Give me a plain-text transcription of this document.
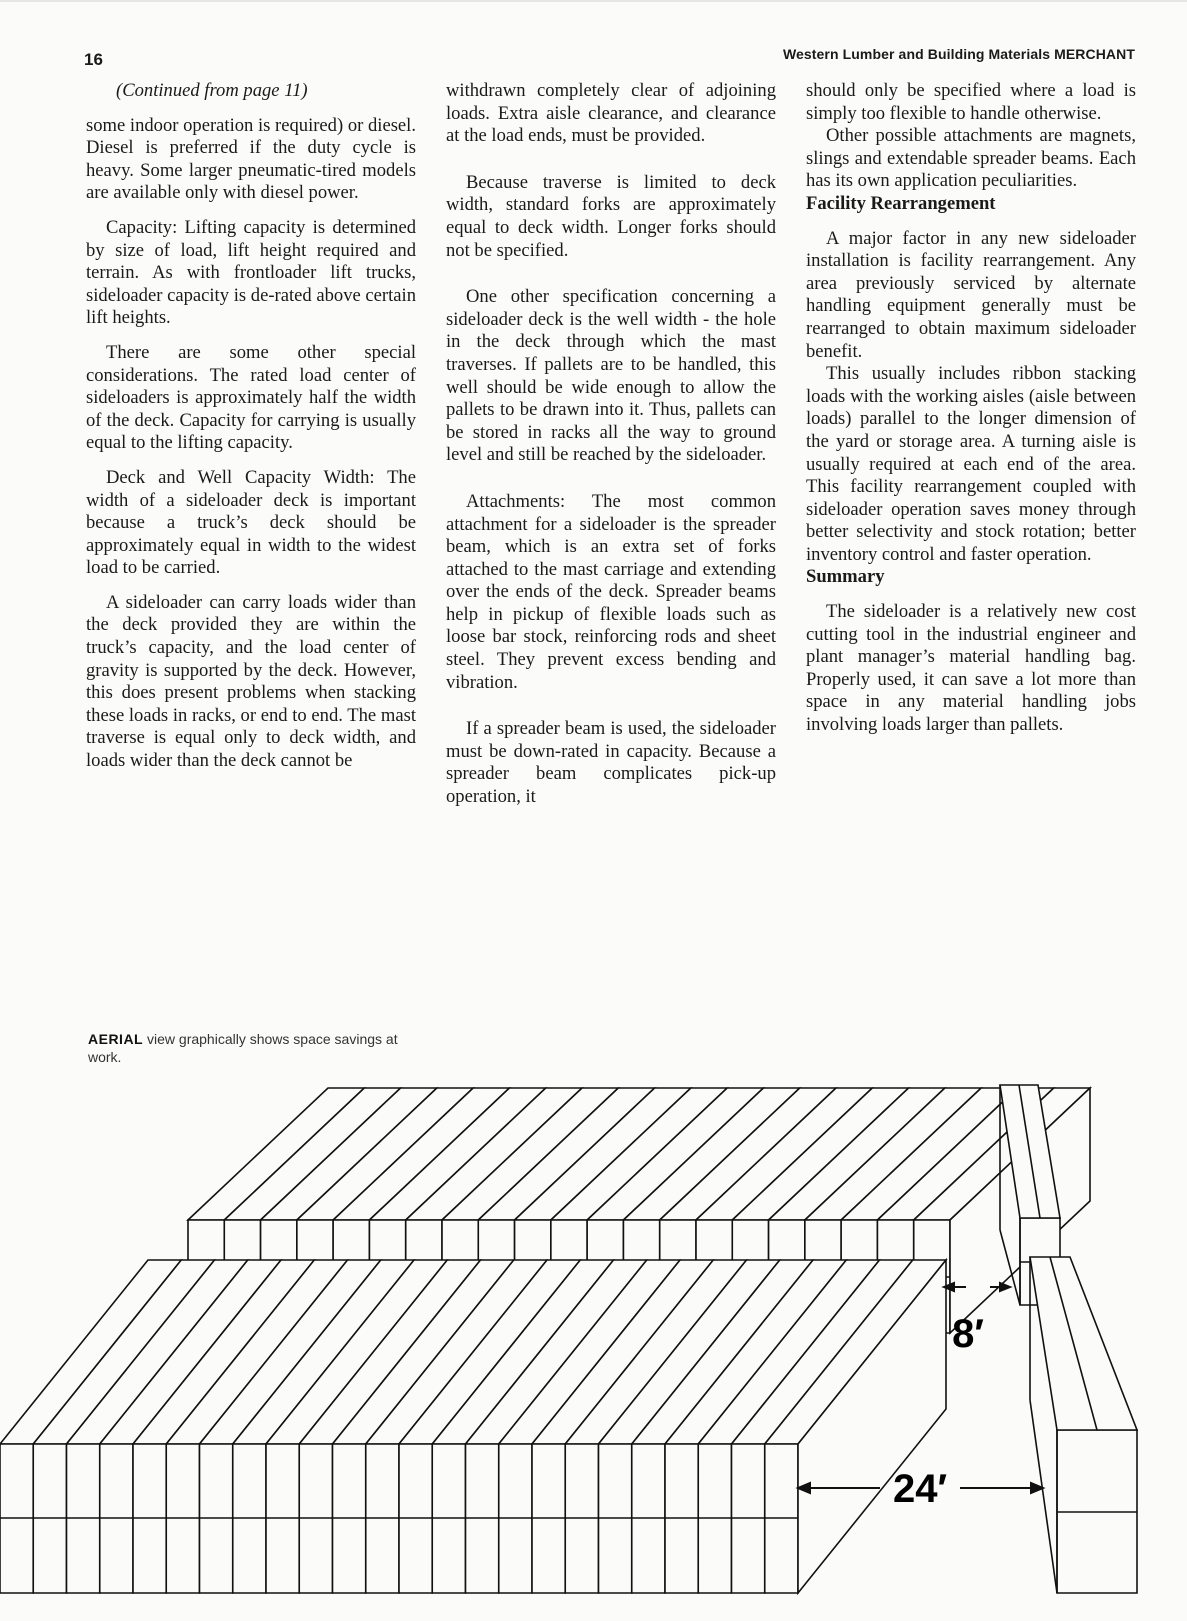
16	Western Lumber and Building Materials MERCHANT

(Continued from page 11)

some indoor operation is required) or diesel. Diesel is preferred if the duty cycle is heavy. Some larger pneumatic-tired models are available only with diesel power.

Capacity: Lifting capacity is determined by size of load, lift height required and terrain. As with frontloader lift trucks, sideloader capacity is de-rated above certain lift heights.

There are some other special considerations. The rated load center of sideloaders is approximately half the width of the deck. Capacity for carrying is usually equal to the lifting capacity.

Deck and Well Capacity Width: The width of a sideloader deck is important because a truck’s deck should be approximately equal in width to the widest load to be carried.

A sideloader can carry loads wider than the deck provided they are within the truck’s capacity, and the load center of gravity is supported by the deck. However, this does present problems when stacking these loads in racks, or end to end. The mast traverse is equal only to deck width, and loads wider than the deck cannot be

withdrawn completely clear of adjoining loads. Extra aisle clearance, and clearance at the load ends, must be provided.

Because traverse is limited to deck width, standard forks are approximately equal to deck width. Longer forks should not be specified.

One other specification concerning a sideloader deck is the well width - the hole in the deck through which the mast traverses. If pallets are to be handled, this well should be wide enough to allow the pallets to be drawn into it. Thus, pallets can be stored in racks all the way to ground level and still be reached by the sideloader.

Attachments: The most common attachment for a sideloader is the spreader beam, which is an extra set of forks attached to the mast carriage and extending over the ends of the deck. Spreader beams help in pickup of flexible loads such as loose bar stock, reinforcing rods and sheet steel. They prevent excess bending and vibration.

If a spreader beam is used, the sideloader must be down-rated in capacity. Because a spreader beam complicates pick-up operation, it

should only be specified where a load is simply too flexible to handle otherwise.

Other possible attachments are magnets, slings and extendable spreader beams. Each has its own application peculiarities.

Facility Rearrangement

A major factor in any new sideloader installation is facility rearrangement. Any area previously serviced by alternate handling equipment generally must be rearranged to obtain maximum sideloader benefit.

This usually includes ribbon stacking loads with the working aisles (aisle between loads) parallel to the longer dimension of the yard or storage area. A turning aisle is usually required at each end of the area. This facility rearrangement coupled with sideloader operation saves money through better selectivity and stock rotation; better inventory control and faster operation.

Summary

The sideloader is a relatively new cost cutting tool in the industrial engineer and plant manager’s material handling bag. Properly used, it can save a lot more than space in any material handling jobs involving loads larger than pallets.

AERIAL view graphically shows space savings at work.
8′
24′
